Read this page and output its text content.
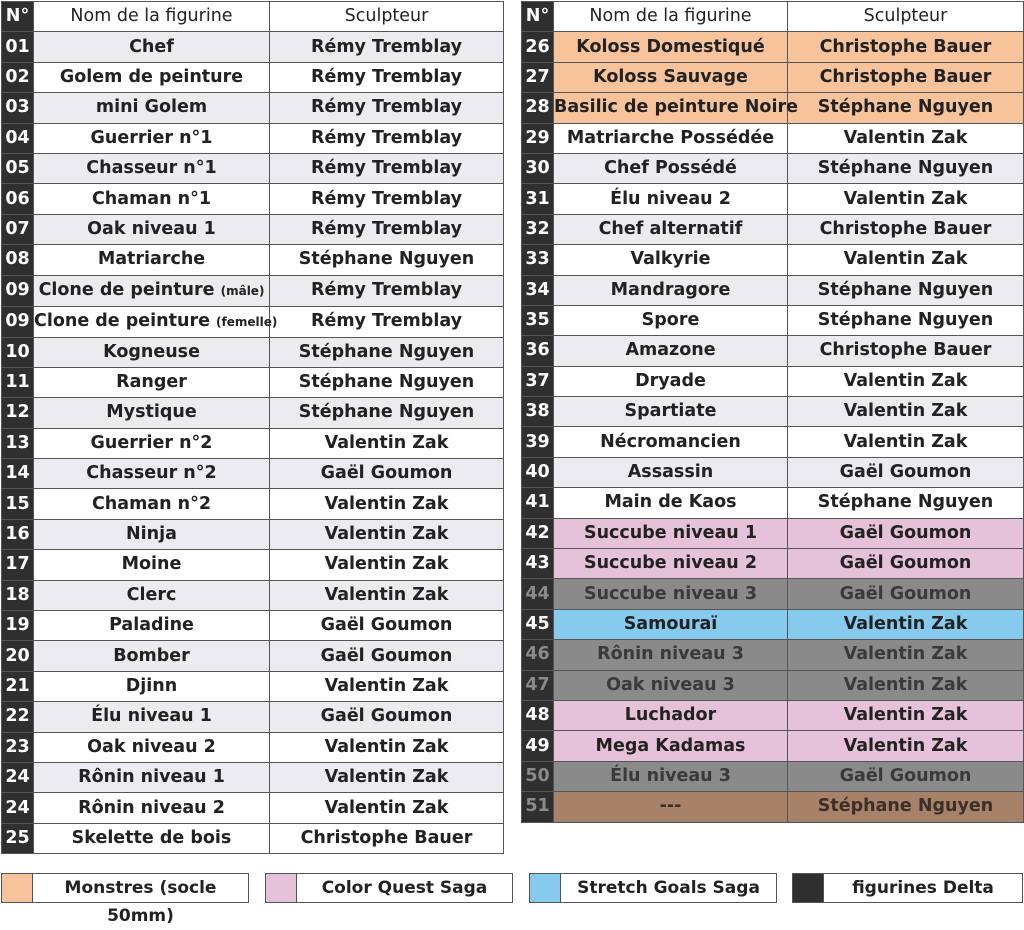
N°	Nom de la figurine	Sculpteur
01	Chef	Rémy Tremblay
02	Golem de peinture	Rémy Tremblay
03	mini Golem	Rémy Tremblay
04	Guerrier n°1	Rémy Tremblay
05	Chasseur n°1	Rémy Tremblay
06	Chaman n°1	Rémy Tremblay
07	Oak niveau 1	Rémy Tremblay
08	Matriarche	Stéphane Nguyen
09	Clone de peinture (mâle)	Rémy Tremblay
09	Clone de peinture (femelle)	Rémy Tremblay
10	Kogneuse	Stéphane Nguyen
11	Ranger	Stéphane Nguyen
12	Mystique	Stéphane Nguyen
13	Guerrier n°2	Valentin Zak
14	Chasseur n°2	Gaël Goumon
15	Chaman n°2	Valentin Zak
16	Ninja	Valentin Zak
17	Moine	Valentin Zak
18	Clerc	Valentin Zak
19	Paladine	Gaël Goumon
20	Bomber	Gaël Goumon
21	Djinn	Valentin Zak
22	Élu niveau 1	Gaël Goumon
23	Oak niveau 2	Valentin Zak
24	Rônin niveau 1	Valentin Zak
24	Rônin niveau 2	Valentin Zak
25	Skelette de bois	Christophe Bauer
N°	Nom de la figurine	Sculpteur
26	Koloss Domestiqué	Christophe Bauer
27	Koloss Sauvage	Christophe Bauer
28	Basilic de peinture Noire	Stéphane Nguyen
29	Matriarche Possédée	Valentin Zak
30	Chef Possédé	Stéphane Nguyen
31	Élu niveau 2	Valentin Zak
32	Chef alternatif	Christophe Bauer
33	Valkyrie	Valentin Zak
34	Mandragore	Stéphane Nguyen
35	Spore	Stéphane Nguyen
36	Amazone	Christophe Bauer
37	Dryade	Valentin Zak
38	Spartiate	Valentin Zak
39	Nécromancien	Valentin Zak
40	Assassin	Gaël Goumon
41	Main de Kaos	Stéphane Nguyen
42	Succube niveau 1	Gaël Goumon
43	Succube niveau 2	Gaël Goumon
44	Succube niveau 3	Gaël Goumon
45	Samouraï	Valentin Zak
46	Rônin niveau 3	Valentin Zak
47	Oak niveau 3	Valentin Zak
48	Luchador	Valentin Zak
49	Mega Kadamas	Valentin Zak
50	Élu niveau 3	Gaël Goumon
51	---	Stéphane Nguyen
Monstres (socle 50mm)
Color Quest Saga	Stretch Goals Saga	figurines Delta
